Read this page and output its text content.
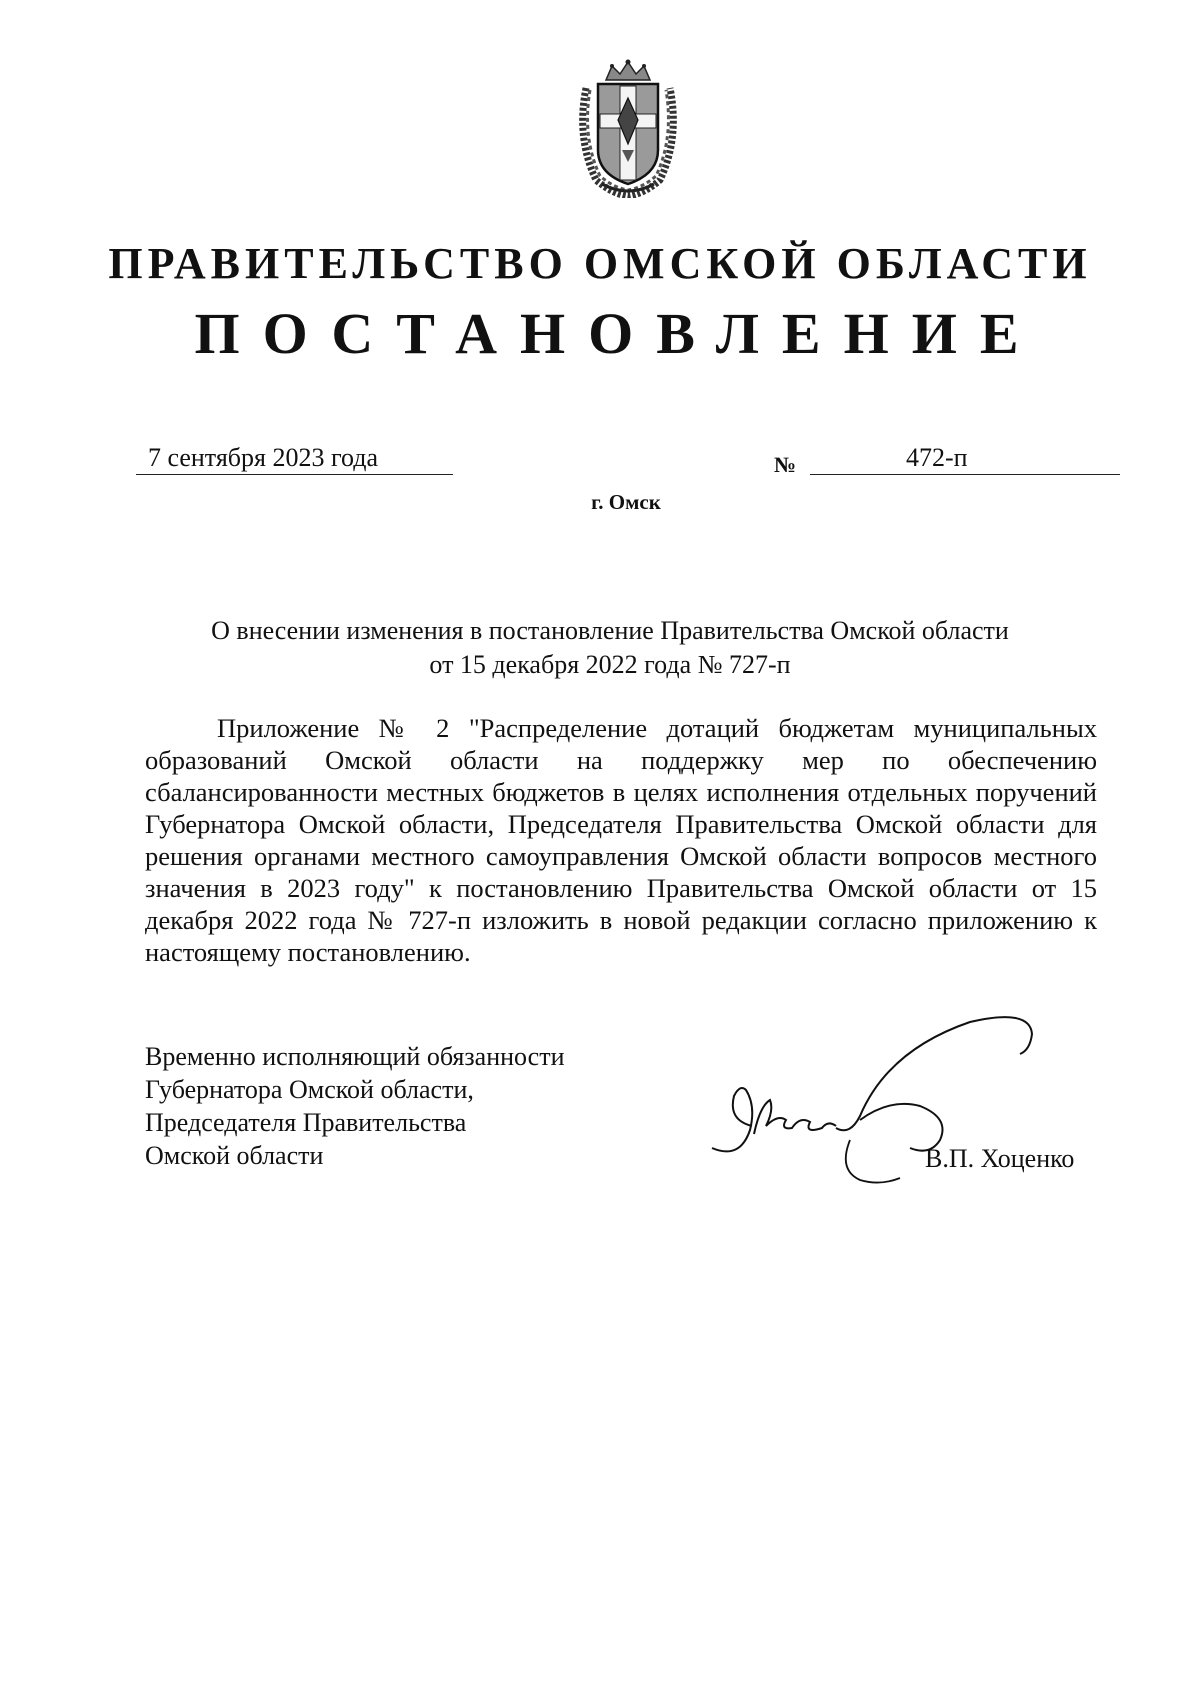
ПРАВИТЕЛЬСТВО ОМСКОЙ ОБЛАСТИ
ПОСТАНОВЛЕНИЕ
7 сентября 2023 года	№	472-п
г. Омск
О внесении изменения в постановление Правительства Омской области
от 15 декабря 2022 года № 727-п

Приложение № 2 "Распределение дотаций бюджетам муниципальных образований Омской области на поддержку мер по обеспечению сбалансированности местных бюджетов в целях исполнения отдельных поручений Губернатора Омской области, Председателя Правительства Омской области для решения органами местного самоуправления Омской области вопросов местного значения в 2023 году" к постановлению Правительства Омской области от 15 декабря 2022 года № 727-п изложить в новой редакции согласно приложению к настоящему постановлению.

Временно исполняющий обязанности
Губернатора Омской области,
Председателя Правительства
Омской области	В.П. Хоценко
